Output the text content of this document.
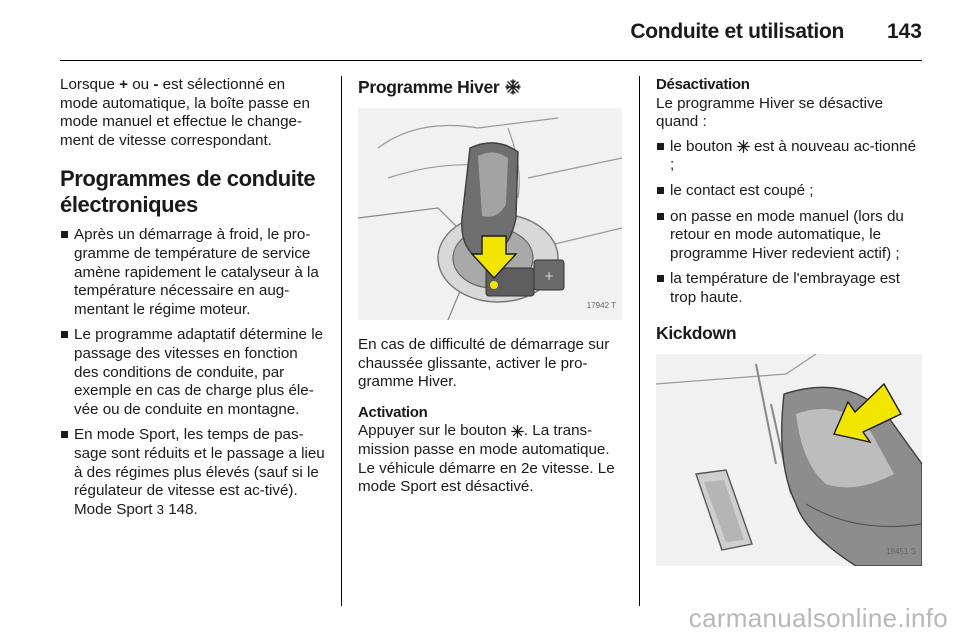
Conduite et utilisation 143

Lorsque + ou - est sélectionné en mode automatique, la boîte passe en mode manuel et effectue le change-ment de vitesse correspondant.

Programmes de conduite électroniques
Après un démarrage à froid, le pro-gramme de température de service amène rapidement le catalyseur à la température nécessaire en aug-mentant le régime moteur.
Le programme adaptatif détermine le passage des vitesses en fonction des conditions de conduite, par exemple en cas de charge plus éle-vée ou de conduite en montagne.
En mode Sport, les temps de pas-sage sont réduits et le passage a lieu à des régimes plus élevés (sauf si le régulateur de vitesse est ac-tivé). Mode Sport 3 148.
Programme Hiver
+
17942 T

En cas de difficulté de démarrage sur chaussée glissante, activer le pro-gramme Hiver.

Activation

Appuyer sur le bouton . La trans-mission passe en mode automatique. Le véhicule démarre en 2e vitesse. Le mode Sport est désactivé.

Désactivation

Le programme Hiver se désactive quand :

le bouton  est à nouveau ac-tionné ;
le contact est coupé ;
on passe en mode manuel (lors du retour en mode automatique, le programme Hiver redevient actif) ;
la température de l'embrayage est trop haute.
Kickdown
18451 S
carmanualsonline.info
